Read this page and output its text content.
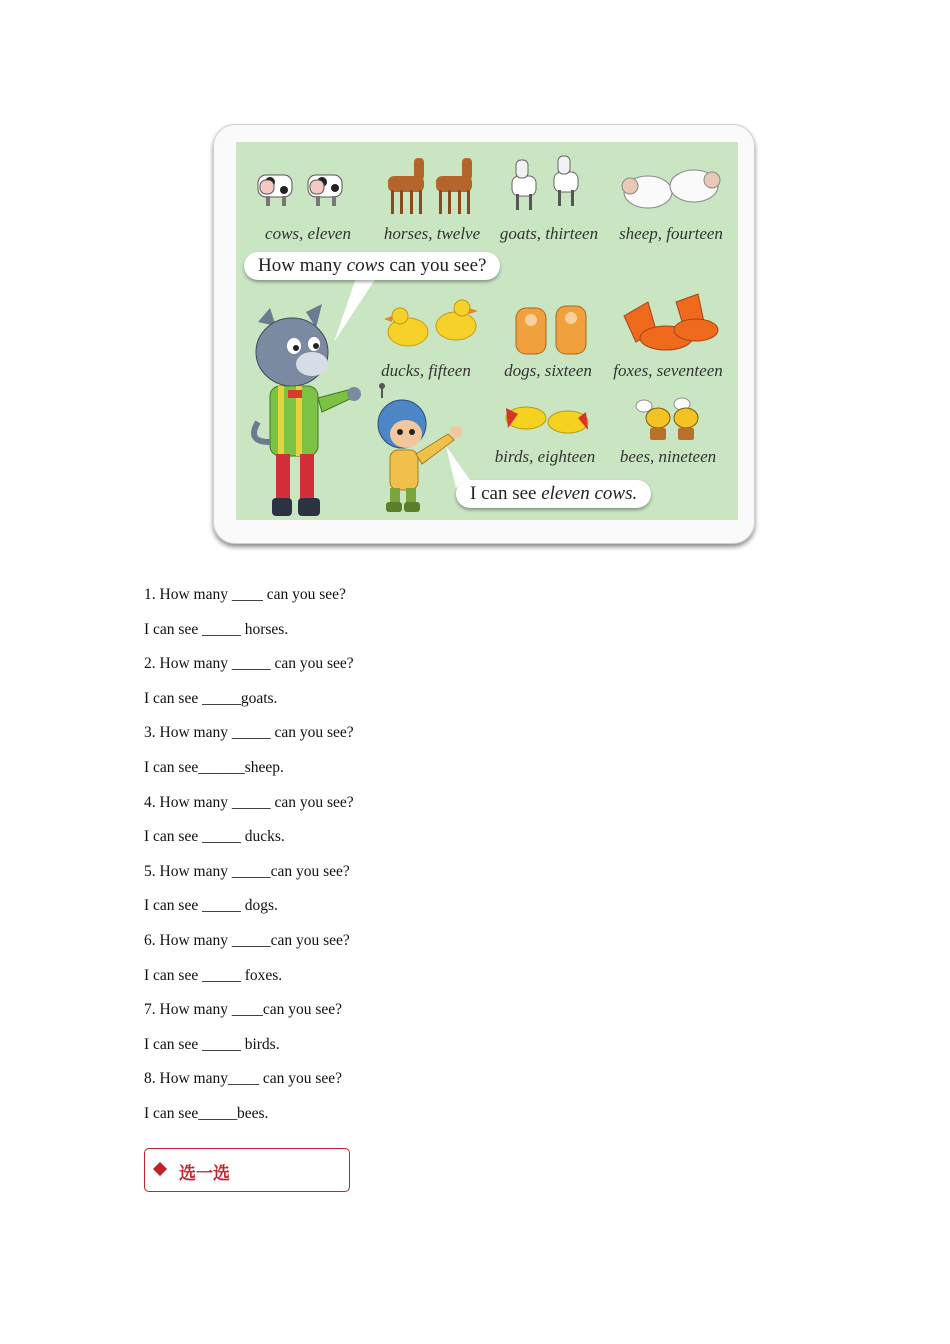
cows, eleven horses, twelve goats, thirteen sheep, fourteen
ducks, fifteen dogs, sixteen foxes, seventeen
birds, eighteen bees, nineteen
How many cows can you see?
I can see eleven cows.
1. How many ____ can you see?
I can see _____ horses.
2. How many _____ can you see?
I can see _____goats.
3. How many _____ can you see?
I can see______sheep.
4. How many _____ can you see?
I can see _____ ducks.
5. How many _____can you see?
I can see _____ dogs.
6. How many _____can you see?
I can see _____ foxes.
7. How many ____can you see?
I can see _____ birds.
8. How many____ can you see?
I can see_____bees.
选一选
